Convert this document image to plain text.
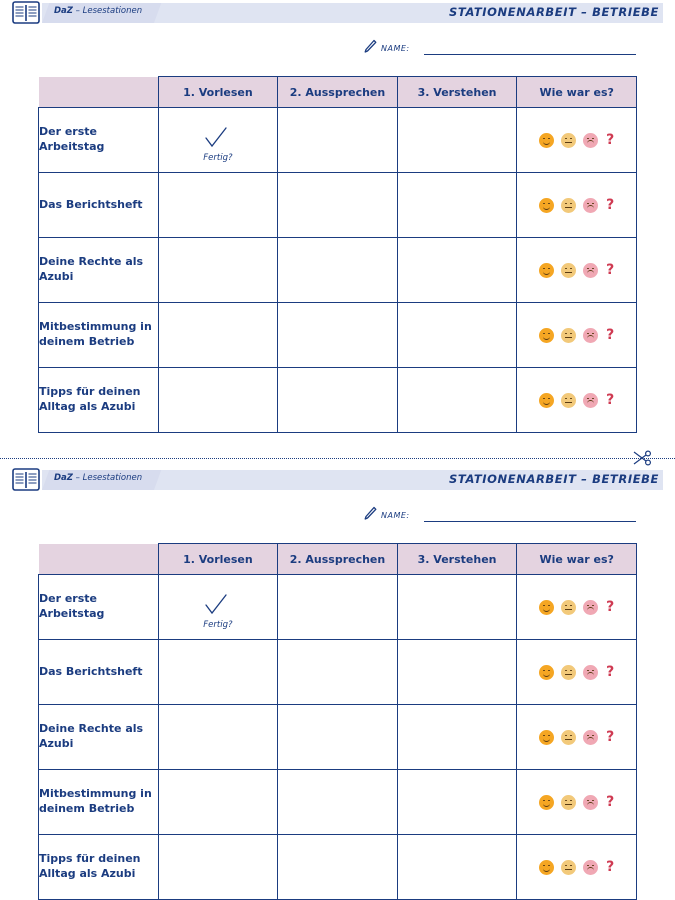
DaZ – Lesestationen	STATIONENARBEIT – BETRIEBE
NAME:
	1. Vorlesen	2. Aussprechen	3. Verstehen	Wie war es?
Der erste Arbeitstag	Fertig?			?

Das Berichtsheft				?

Deine Rechte als Azubi				?

Mitbestimmung in deinem Betrieb				?

Tipps für deinen Alltag als Azubi				?
DaZ – Lesestationen	STATIONENARBEIT – BETRIEBE
NAME:
	1. Vorlesen	2. Aussprechen	3. Verstehen	Wie war es?
Der erste Arbeitstag	Fertig?			?

Das Berichtsheft				?

Deine Rechte als Azubi				?

Mitbestimmung in deinem Betrieb				?

Tipps für deinen Alltag als Azubi				?
